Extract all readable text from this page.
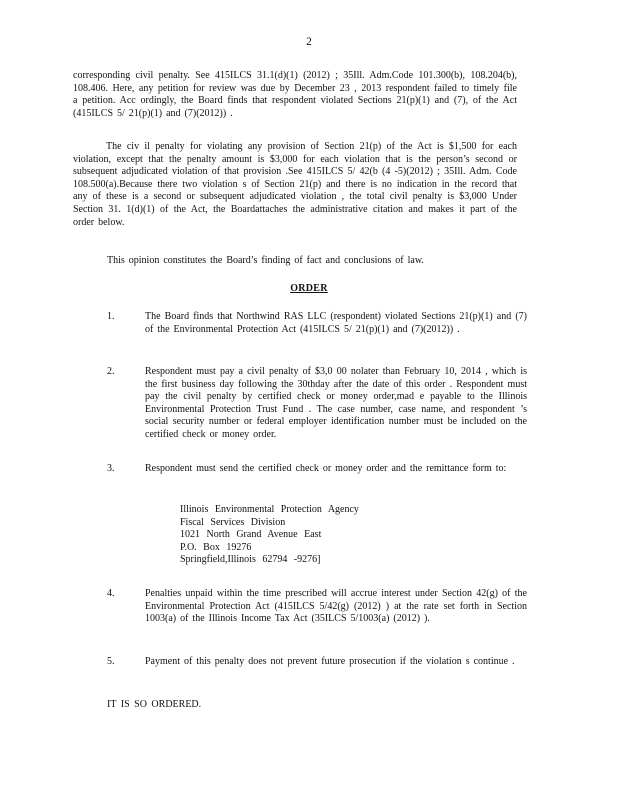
2
corresponding civil penalty. See 415ILCS 31.1(d)(1) (2012) ; 35Ill. Adm.Code 101.300(b), 108.204(b), 108.406. Here, any petition for review was due by December 23 , 2013 respondent failed to timely file a petition. Acc ordingly, the Board finds that respondent violated Sections 21(p)(1) and (7), of the Act (415ILCS 5/ 21(p)(1) and (7)(2012)) .
The civ il penalty for violating any provision of Section 21(p) of the Act is $1,500 for each violation, except that the penalty amount is $3,000 for each violation that is the person’s second or subsequent adjudicated violation of that provision .See 415ILCS 5/ 42(b (4 -5)(2012) ; 35Ill. Adm. Code 108.500(a).Because there two violation s of Section 21(p) and there is no indication in the record that any of these is a second or subsequent adjudicated violation , the total civil penalty is $3,000 Under Section 31. 1(d)(1) of the Act, the Boardattaches the administrative citation and makes it part of the order below.
This opinion constitutes the Board’s finding of fact and conclusions of law.
ORDER
1.	The Board finds that Northwind RAS LLC (respondent) violated Sections 21(p)(1) and (7) of the Environmental Protection Act (415ILCS 5/ 21(p)(1) and (7)(2012)) .
2.	Respondent must pay a civil penalty of $3,0 00 nolater than February 10, 2014 , which is the first business day following the 30thday after the date of this order . Respondent must pay the civil penalty by certified check or money order,mad e payable to the Illinois Environmental Protection Trust Fund . The case number, case name, and respondent ’s social security number or federal employer identification number must be included on the certified check or money order.
3.	Respondent must send the certified check or money order and the remittance form to:
Illinois Environmental Protection Agency
Fiscal Services Division
1021 North Grand Avenue East
P.O. Box 19276
Springfield,Illinois 62794 -9276]
4.	Penalties unpaid within the time prescribed will accrue interest under Section 42(g) of the Environmental Protection Act (415ILCS 5/42(g) (2012) ) at the rate set forth in Section 1003(a) of the Illinois Income Tax Act (35ILCS 5/1003(a) (2012) ).
5.	Payment of this penalty does not prevent future prosecution if the violation s continue .
IT IS SO ORDERED.
